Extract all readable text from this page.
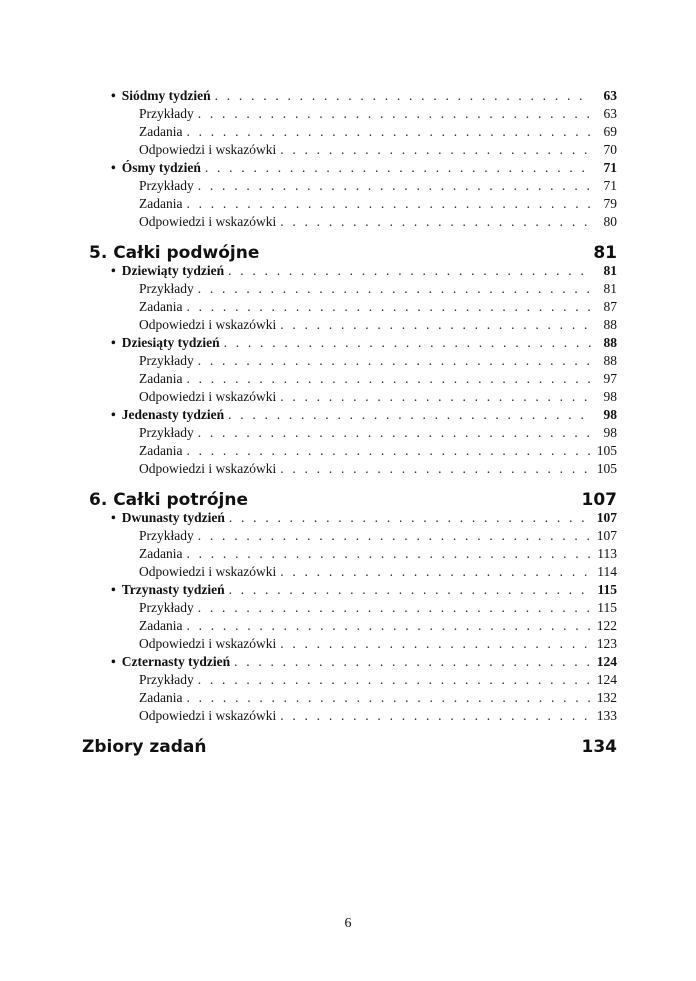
• Siódmy tydzień . . .	63
Przykłady . . .	63
Zadania . . .	69
Odpowiedzi i wskazówki . . .	70
• Ósmy tydzień . . .	71
Przykłady . . .	71
Zadania . . .	79
Odpowiedzi i wskazówki . . .	80
5. Całki podwójne	81
• Dziewiąty tydzień . . .	81
Przykłady . . .	81
Zadania . . .	87
Odpowiedzi i wskazówki . . .	88
• Dziesiąty tydzień . . .	88
Przykłady . . .	88
Zadania . . .	97
Odpowiedzi i wskazówki . . .	98
• Jedenasty tydzień . . .	98
Przykłady . . .	98
Zadania . . .	105
Odpowiedzi i wskazówki . . .	105
6. Całki potrójne	107
• Dwunasty tydzień . . .	107
Przykłady . . .	107
Zadania . . .	113
Odpowiedzi i wskazówki . . .	114
• Trzynasty tydzień . . .	115
Przykłady . . .	115
Zadania . . .	122
Odpowiedzi i wskazówki . . .	123
• Czternasty tydzień . . .	124
Przykłady . . .	124
Zadania . . .	132
Odpowiedzi i wskazówki . . .	133
Zbiory zadań	134
6
